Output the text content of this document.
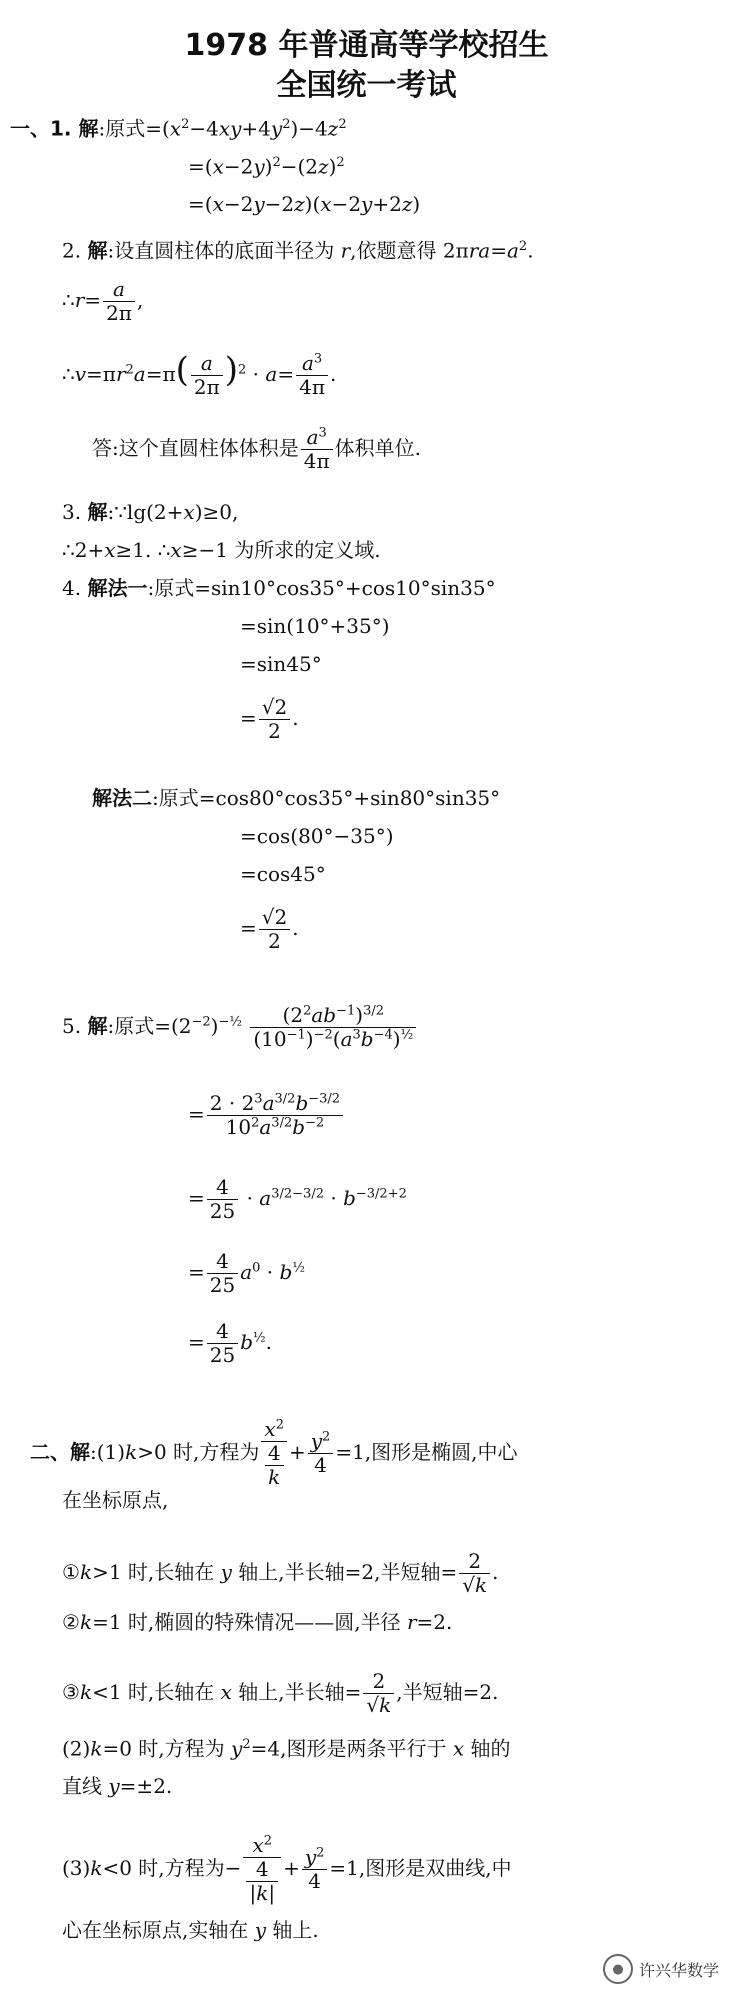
1978 年普通高等学校招生
全国统一考试
一、1. 解:原式$=(x^2-4xy+4y^2)-4z^2$
$=(x-2y)^2-(2z)^2$
=(x−2y−2z)(x−2y+2z)
2. 解:设直圆柱体的底面半径为 r,依题意得 $2\pi ra=a^2$.
∴r= $\frac{a}{2\pi}$ ,
$\therefore v=\pi r^2a=\pi( \frac{a}{2\pi} )^2 \cdot a= \frac{a^3}{4\pi}$ .
答:这个直圆柱体体积是 $\frac{a^3}{4\pi}$ 体积单位.
3. 解:∵lg(2+x)≥0,
∴2+x≥1. ∴x≥−1 为所求的定义域.
4. 解法一:原式=sin10°cos35°+cos10°sin35°
=sin(10°+35°)
=sin45°
= $\frac{√2}{2}$ .
解法二:原式=cos80°cos35°+sin80°sin35°
=cos(80°−35°)
=cos45°
= $\frac{√2}{2}$ .
5. 解:原式$=(2^{-2})^{-\frac{1}{2}} \frac{(2^2ab^{-1})^{3/2}}{(10^{-1})^{-2}(a^3b^{-4})^{\frac{1}{2}}}$
= $\frac{2 \cdot 2^3a^{3/2}b^{-3/2}}{10^2a^{3/2}b^{-2}}$
= $\frac{4}{25} \cdot a^{3/2-3/2} \cdot b^{-3/2+2}$
= $\frac{4}{25} a^0 \cdot b^{\frac{1}{2}}$
= $\frac{4}{25} b^{\frac{1}{2}}$.
二、解:(1)k>0 时,方程为 $\frac{x^2}{\frac{4}{k}} + \frac{y^2}{4} =1$,图形是椭圆,中心
在坐标原点,
①k>1 时,长轴在 y 轴上,半长轴=2,半短轴= $\frac{2}{√k}$ .
②k=1 时,椭圆的特殊情况——圆,半径 r=2.
③k<1 时,长轴在 x 轴上,半长轴= $\frac{2}{√k}$ ,半短轴=2.
(2)k=0 时,方程为 $y^2=4$,图形是两条平行于 x 轴的
直线 y=±2.
(3)k<0 时,方程为− $\frac{x^2}{\frac{4}{|k|}} + \frac{y^2}{4} =1$,图形是双曲线,中
心在坐标原点,实轴在 y 轴上.
● 许兴华数学
